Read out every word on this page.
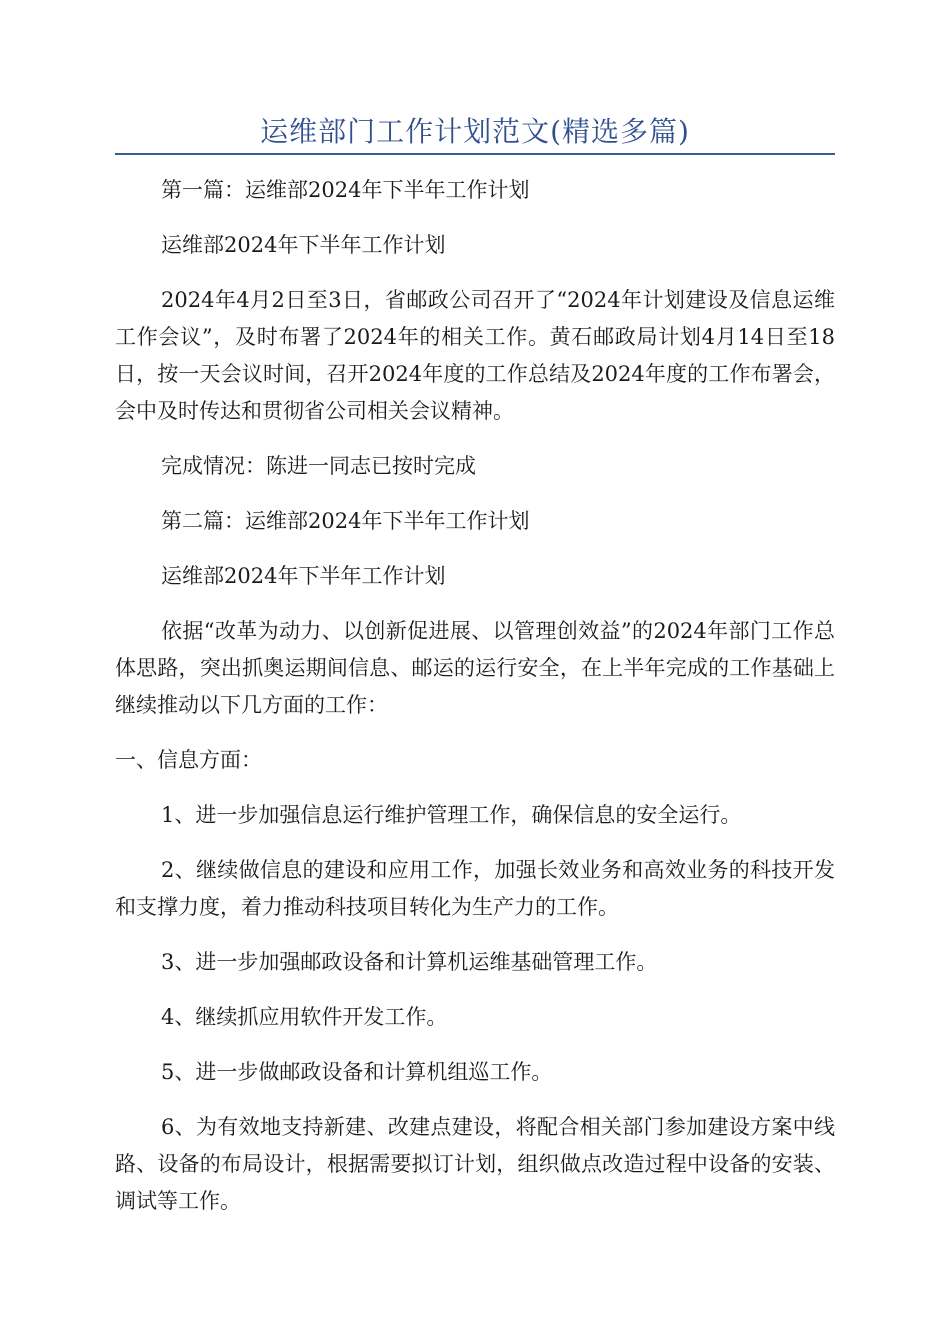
运维部门工作计划范文(精选多篇)

第一篇：运维部2024年下半年工作计划

运维部2024年下半年工作计划

2024年4月2日至3日，省邮政公司召开了“2024年计划建设及信息运维工作会议”，及时布署了2024年的相关工作。黄石邮政局计划4月14日至18日，按一天会议时间，召开2024年度的工作总结及2024年度的工作布署会，会中及时传达和贯彻省公司相关会议精神。

完成情况：陈进一同志已按时完成

第二篇：运维部2024年下半年工作计划

运维部2024年下半年工作计划

依据“改革为动力、以创新促进展、以管理创效益”的2024年部门工作总体思路，突出抓奥运期间信息、邮运的运行安全，在上半年完成的工作基础上继续推动以下几方面的工作：

一、信息方面：

1、进一步加强信息运行维护管理工作，确保信息的安全运行。

2、继续做信息的建设和应用工作，加强长效业务和高效业务的科技开发和支撑力度，着力推动科技项目转化为生产力的工作。

3、进一步加强邮政设备和计算机运维基础管理工作。

4、继续抓应用软件开发工作。

5、进一步做邮政设备和计算机组巡工作。

6、为有效地支持新建、改建点建设，将配合相关部门参加建设方案中线路、设备的布局设计，根据需要拟订计划，组织做点改造过程中设备的安装、调试等工作。
